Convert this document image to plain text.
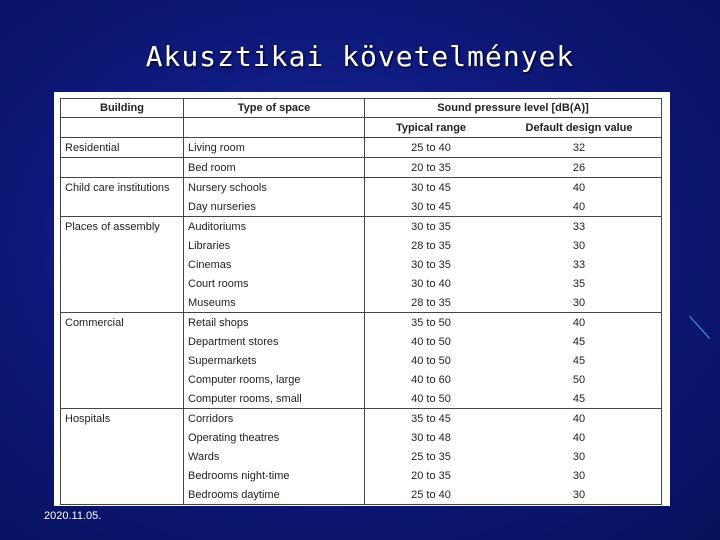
Akusztikai követelmények
Building	Type of space	Sound pressure level [dB(A)]	
		Typical range	Default design value
Residential	Living room	25 to 40	32
	Bed room	20 to 35	26
Child care institutions	Nursery schools	30 to 45	40
	Day nurseries	30 to 45	40
Places of assembly	Auditoriums	30 to 35	33
	Libraries	28 to 35	30
	Cinemas	30 to 35	33
	Court rooms	30 to 40	35
	Museums	28 to 35	30
Commercial	Retail shops	35 to 50	40
	Department stores	40 to 50	45
	Supermarkets	40 to 50	45
	Computer rooms, large	40 to 60	50
	Computer rooms, small	40 to 50	45
Hospitals	Corridors	35 to 45	40
	Operating theatres	30 to 48	40
	Wards	25 to 35	30
	Bedrooms night-time	20 to 35	30
	Bedrooms daytime	25 to 40	30
2020.11.05.
